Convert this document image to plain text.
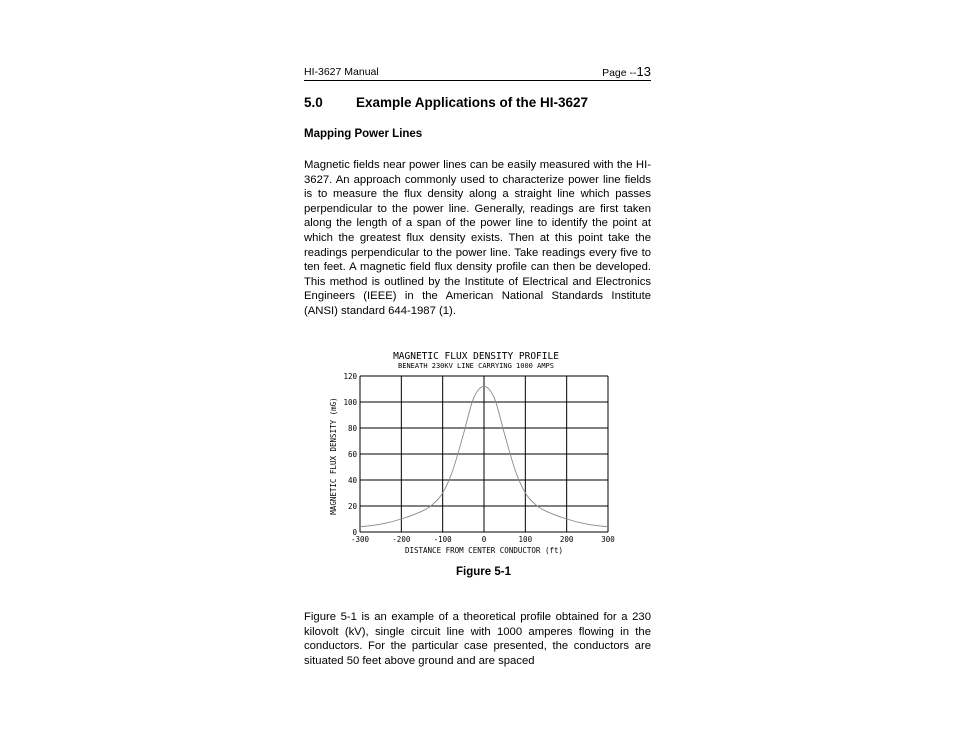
HI-3627 Manual	Page --13
5.0 Example Applications of the HI-3627
Mapping Power Lines

Magnetic fields near power lines can be easily measured with the HI-3627. An approach commonly used to characterize power line fields is to measure the flux density along a straight line which passes perpendicular to the power line. Generally, readings are first taken along the length of a span of the power line to identify the point at which the greatest flux density exists. Then at this point take the readings perpendicular to the power line. Take readings every five to ten feet. A magnetic field flux density profile can then be developed. This method is outlined by the Institute of Electrical and Electronics Engineers (IEEE) in the American National Standards Institute (ANSI) standard 644-1987 (1).

MAGNETIC FLUX DENSITY PROFILE
BENEATH 230KV LINE CARRYING 1000 AMPS
0
20
40
60
80
100
120
-300	-200	-100	0	100	200	300
MAGNETIC FLUX DENSITY (mG)
DISTANCE FROM CENTER CONDUCTOR (ft)
Figure 5-1

Figure 5-1 is an example of a theoretical profile obtained for a 230 kilovolt (kV), single circuit line with 1000 amperes flowing in the conductors. For the particular case presented, the conductors are situated 50 feet above ground and are spaced
